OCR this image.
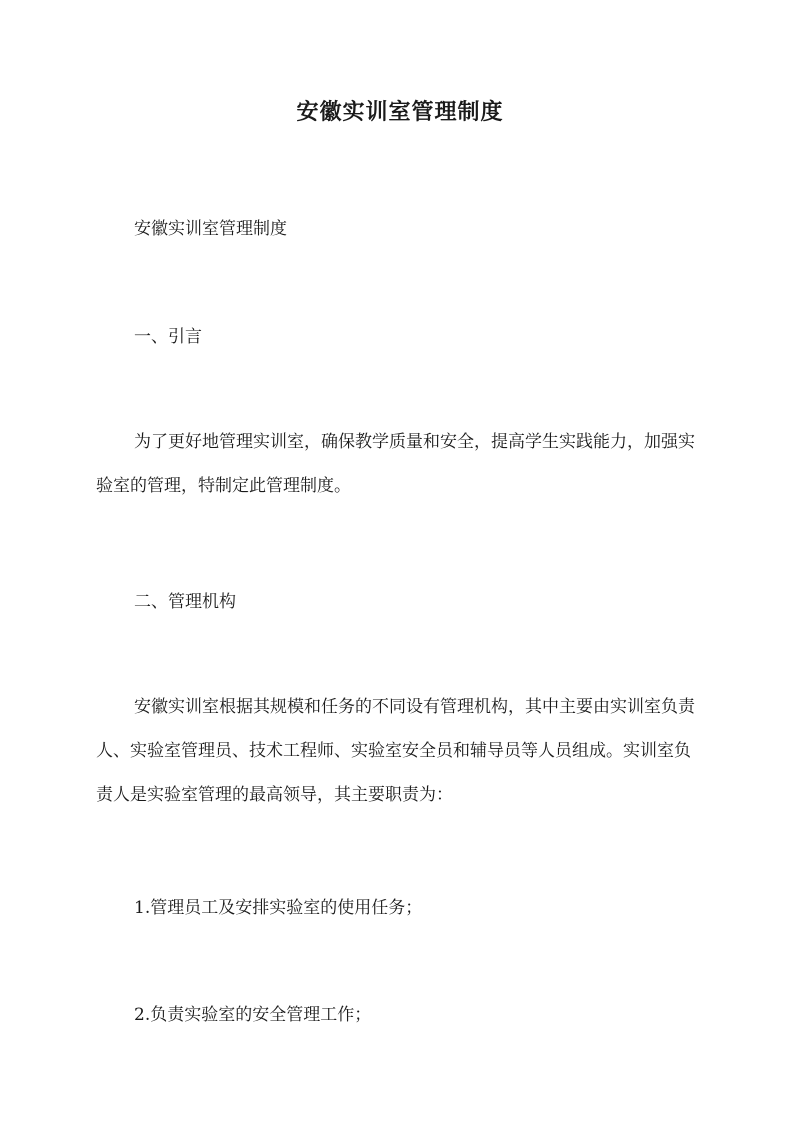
安徽实训室管理制度

安徽实训室管理制度

一、引言

为了更好地管理实训室，确保教学质量和安全，提高学生实践能力，加强实验室的管理，特制定此管理制度。

二、管理机构

安徽实训室根据其规模和任务的不同设有管理机构，其中主要由实训室负责人、实验室管理员、技术工程师、实验室安全员和辅导员等人员组成。实训室负责人是实验室管理的最高领导，其主要职责为：

1.管理员工及安排实验室的使用任务；

2.负责实验室的安全管理工作；
